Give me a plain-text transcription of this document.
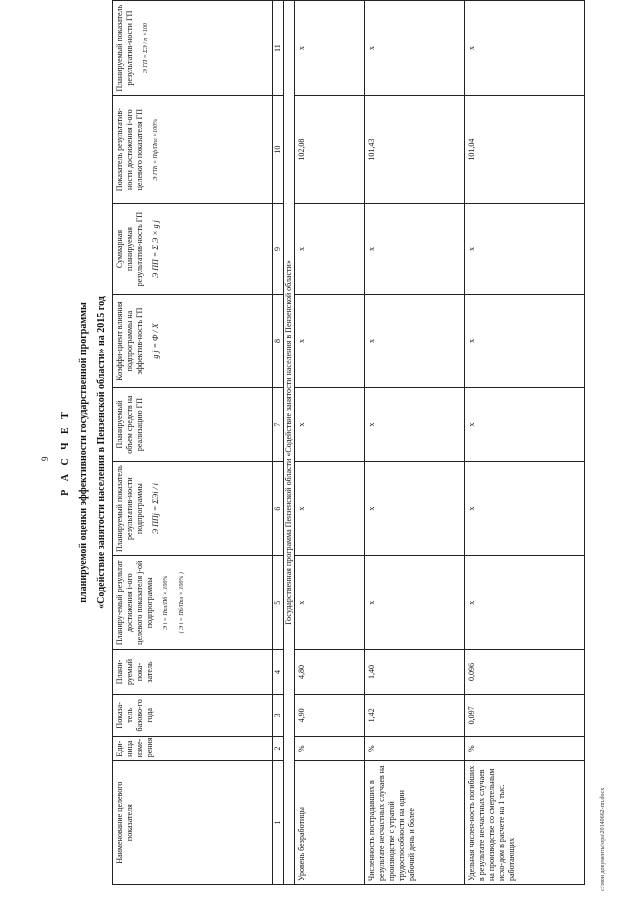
9 Р А С Ч Е Т планируемой оценки эффективности государственной программы «Содействие занятости населения в Пензенской области» на 2015 год
Наименование целевого показателя	Еди-ница изме-рения	Показа-тель базово-го года	Плани-руемый пока-затель	Планиру-емый результат достижения i-ого целевого показателя j-ой подпрограммы Э i = Ппл/Пб × 100% ( Э i = Пб/Ппл × 100% )	Планируемый показатель результатив-ности подпрограммы Э ППj = ΣЭi / i	Планируемый объем средств на реализацию ГП	Коэффи-циент влияния подпрограммы на эффектив-ность ГП g j = Ф / X	Суммарная планируемая результатив-ность ГП Э ПП = Σ Э × g j	Показатель результатив-ности достижения i-ого целевого показателя ГП Э ГПi = Пф/Ппл ×100%	Планируемый показатель результатив-ности ГП Э ГП = ΣЭ / n ×100

1	2	3	4	5	6	7	8	9	10	11
Государственная программа Пензенской области «Содействие занятости населения в Пензенской области»										
Уровень безработицы	%	4,90	4,80	х	х	х	х	х	102,08	х
Численность пострадавших в результате несчастных случаев на производстве с утратой трудоспособности на один рабочий день и более	%	1,42	1,40	х	х	х	х	х	101,43	х
Удельная числен-ность погибших в результате несчастных случаев на производстве со смертельным исхо-дом в расчете на 1 тыс. работающих	%	0,097	0,096	х	х	х	х	х	101,04	х
c:\мои документы\ора\20140662-пп.docx
